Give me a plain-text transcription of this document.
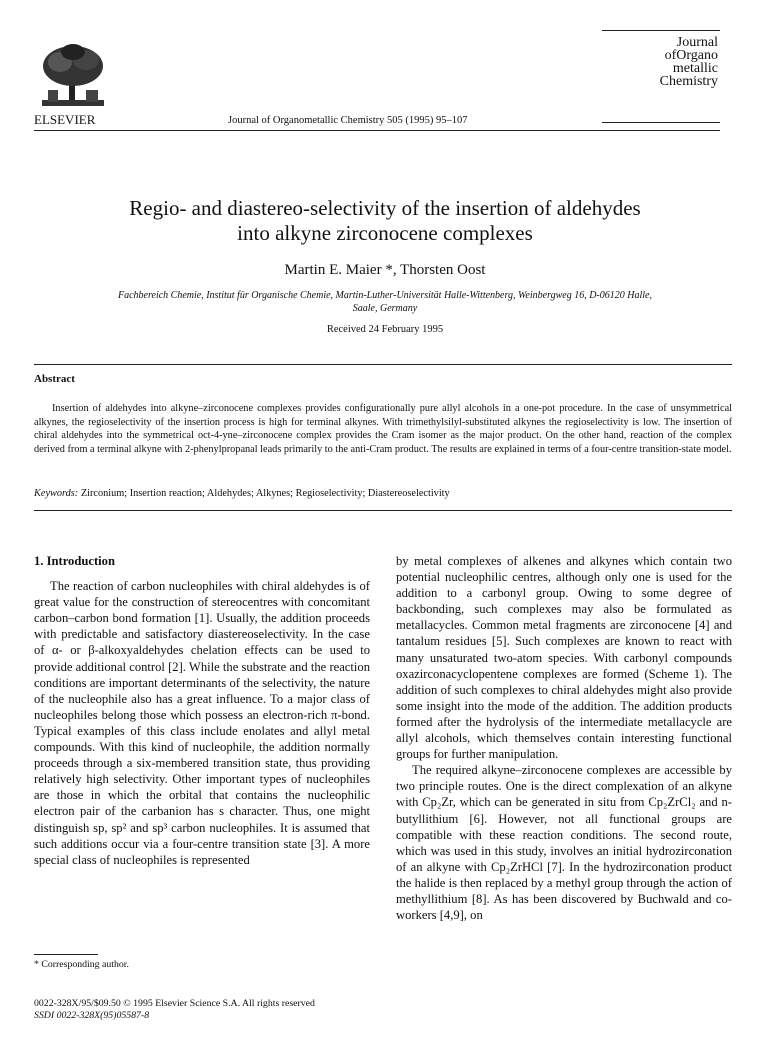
ELSEVIER	Journal of Organometallic Chemistry 505 (1995) 95–107
Journal
ofOrgano
metallic
Chemistry
Regio- and diastereo-selectivity of the insertion of aldehydes
into alkyne zirconocene complexes
Martin E. Maier *, Thorsten Oost
Fachbereich Chemie, Institut für Organische Chemie, Martin-Luther-Universität Halle-Wittenberg, Weinbergweg 16, D-06120 Halle,
Saale, Germany
Received 24 February 1995
Abstract

Insertion of aldehydes into alkyne–zirconocene complexes provides configurationally pure allyl alcohols in a one-pot procedure. In the case of unsymmetrical alkynes, the regioselectivity of the insertion process is high for terminal alkynes. With trimethylsilyl-substituted alkynes the regioselectivity is low. The insertion of chiral aldehydes into the symmetrical oct-4-yne–zirconocene complex provides the Cram isomer as the major product. On the other hand, reaction of the complex derived from a terminal alkyne with 2-phenylpropanal leads primarily to the anti-Cram product. The results are explained in terms of a four-centre transition-state model.

Keywords: Zirconium; Insertion reaction; Aldehydes; Alkynes; Regioselectivity; Diastereoselectivity
1. Introduction

The reaction of carbon nucleophiles with chiral aldehydes is of great value for the construction of stereocentres with concomitant carbon–carbon bond formation [1]. Usually, the addition proceeds with predictable and satisfactory diastereoselectivity. In the case of α- or β-alkoxyaldehydes chelation effects can be used to provide additional control [2]. While the substrate and the reaction conditions are important determinants of the selectivity, the nature of the nucleophile also has a great influence. To a major class of nucleophiles belong those which possess an electron-rich π-bond. Typical examples of this class include enolates and allyl metal compounds. With this kind of nucleophile, the addition normally proceeds through a six-membered transition state, thus providing relatively high selectivity. Other important types of nucleophiles are those in which the orbital that contains the nucleophilic electron pair of the carbanion has s character. Thus, one might distinguish sp, sp² and sp³ carbon nucleophiles. It is assumed that such additions occur via a four-centre transition state [3]. A more special class of nucleophiles is represented

by metal complexes of alkenes and alkynes which contain two potential nucleophilic centres, although only one is used for the addition to a carbonyl group. Owing to some degree of backbonding, such complexes may also be formulated as metallacycles. Common metal fragments are zirconocene [4] and tantalum residues [5]. Such complexes are known to react with many unsaturated two-atom species. With carbonyl compounds oxazirconacyclopentene complexes are formed (Scheme 1). The addition of such complexes to chiral aldehydes might also provide some insight into the mode of the addition. The addition products formed after the hydrolysis of the intermediate metallacycle are allyl alcohols, which themselves contain interesting functional groups for further manipulation.

The required alkyne–zirconocene complexes are accessible by two principle routes. One is the direct complexation of an alkyne with Cp₂Zr, which can be generated in situ from Cp₂ZrCl₂ and n-butyllithium [6]. However, not all functional groups are compatible with these reaction conditions. The second route, which was used in this study, involves an initial hydrozirconation of an alkyne with Cp₂ZrHCl [7]. In the hydrozirconation product the halide is then replaced by a methyl group through the action of methyllithium [8]. As has been discovered by Buchwald and co-workers [4,9], on

* Corresponding author.
0022-328X/95/$09.50 © 1995 Elsevier Science S.A. All rights reserved
SSDI 0022-328X(95)05587-8
